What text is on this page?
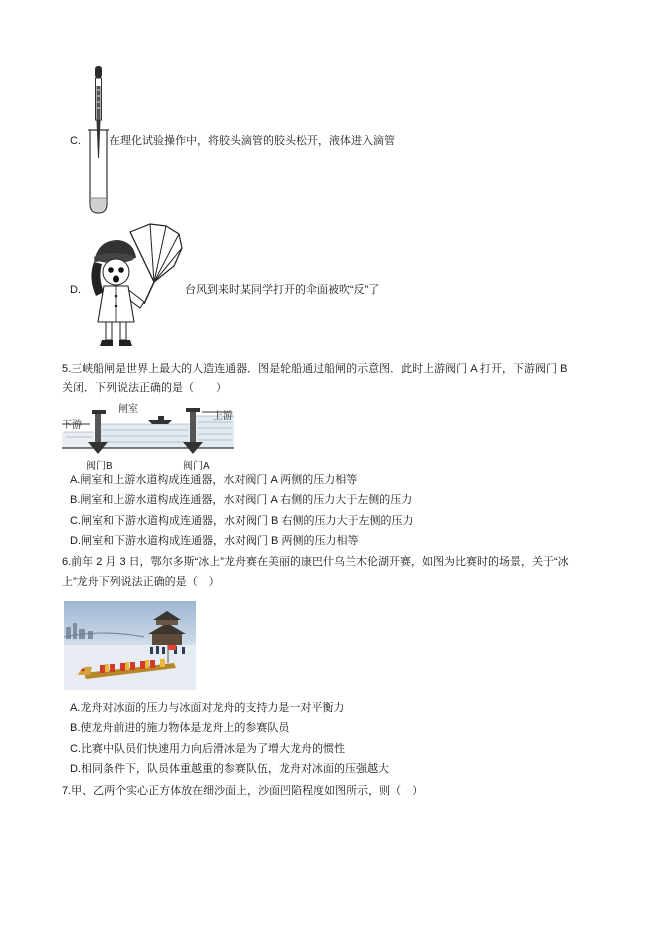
C.	在理化试验操作中，将胶头滴管的胶头松开，液体进入滴管
D.	台风到来时某同学打开的伞面被吹“反”了
5.三峡船闸是世界上最大的人造连通器．图是轮船通过船闸的示意图．此时上游阀门 A 打开，下游阀门 B
关闭．下列说法正确的是（　　）
闸室
下游
上游
阀门B	阀门A
A.闸室和上游水道构成连通器，水对阀门 A 两侧的压力相等
B.闸室和上游水道构成连通器，水对阀门 A 右侧的压力大于左侧的压力
C.闸室和下游水道构成连通器，水对阀门 B 右侧的压力大于左侧的压力
D.闸室和下游水道构成连通器，水对阀门 B 两侧的压力相等
6.前年 2 月 3 日，鄂尔多斯“冰上”龙舟赛在美丽的康巴什乌兰木伦湖开赛，如图为比赛时的场景，关于“冰
上”龙舟下列说法正确的是（　）
A.龙舟对冰面的压力与冰面对龙舟的支持力是一对平衡力
B.使龙舟前进的施力物体是龙舟上的参赛队员
C.比赛中队员们快速用力向后滑冰是为了增大龙舟的惯性
D.相同条件下，队员体重越重的参赛队伍，龙舟对冰面的压强越大
7.甲、乙两个实心正方体放在细沙面上，沙面凹陷程度如图所示，则（　）
